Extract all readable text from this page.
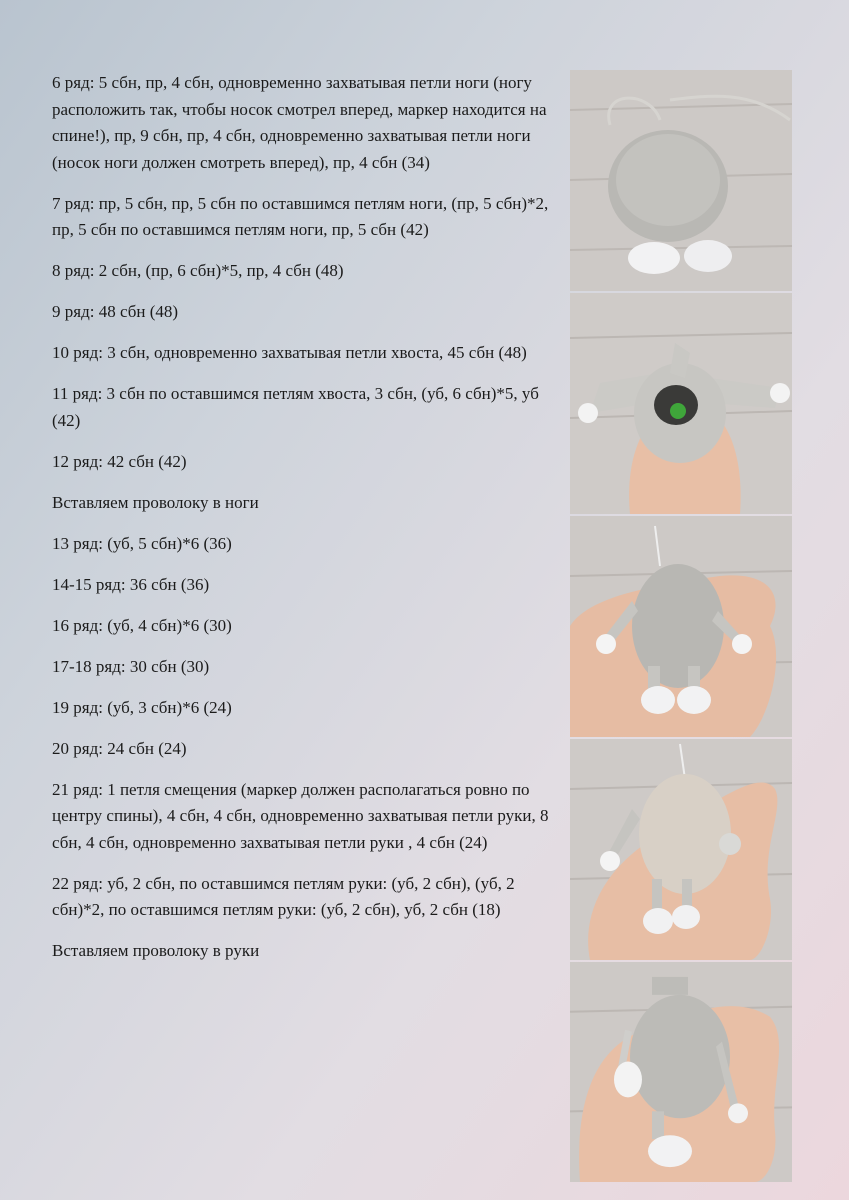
6 ряд: 5 сбн, пр, 4 сбн, одновременно захватывая петли ноги (ногу расположить так, чтобы носок смотрел вперед, маркер находится на спине!), пр, 9 сбн, пр, 4 сбн, одновременно захватывая петли ноги (носок ноги должен смотреть вперед), пр, 4 сбн (34)

7 ряд: пр, 5 сбн, пр, 5 сбн по оставшимся петлям ноги, (пр, 5 сбн)*2, пр, 5 сбн по оставшимся петлям ноги, пр, 5 сбн (42)

8 ряд: 2 сбн, (пр, 6 сбн)*5, пр, 4 сбн (48)

9 ряд: 48 сбн (48)

10 ряд: 3 сбн, одновременно захватывая петли хвоста, 45 сбн (48)

11 ряд: 3 сбн по оставшимся петлям хвоста, 3 сбн, (уб, 6 сбн)*5, уб (42)

12 ряд: 42 сбн (42)

Вставляем проволоку в ноги

13 ряд: (уб, 5 сбн)*6 (36)

14-15 ряд: 36 сбн (36)

16 ряд: (уб, 4 сбн)*6 (30)

17-18 ряд: 30 сбн (30)

19 ряд: (уб, 3 сбн)*6 (24)

20 ряд: 24 сбн (24)

21 ряд: 1 петля смещения (маркер должен располагаться ровно по центру спины), 4 сбн, 4 сбн, одновременно захватывая петли руки, 8 сбн, 4 сбн, одновременно захватывая петли руки , 4 сбн (24)

22 ряд: уб, 2 сбн, по оставшимся петлям руки: (уб, 2 сбн), (уб, 2 сбн)*2, по оставшимся петлям руки: (уб, 2 сбн), уб, 2 сбн (18)

Вставляем проволоку в руки
